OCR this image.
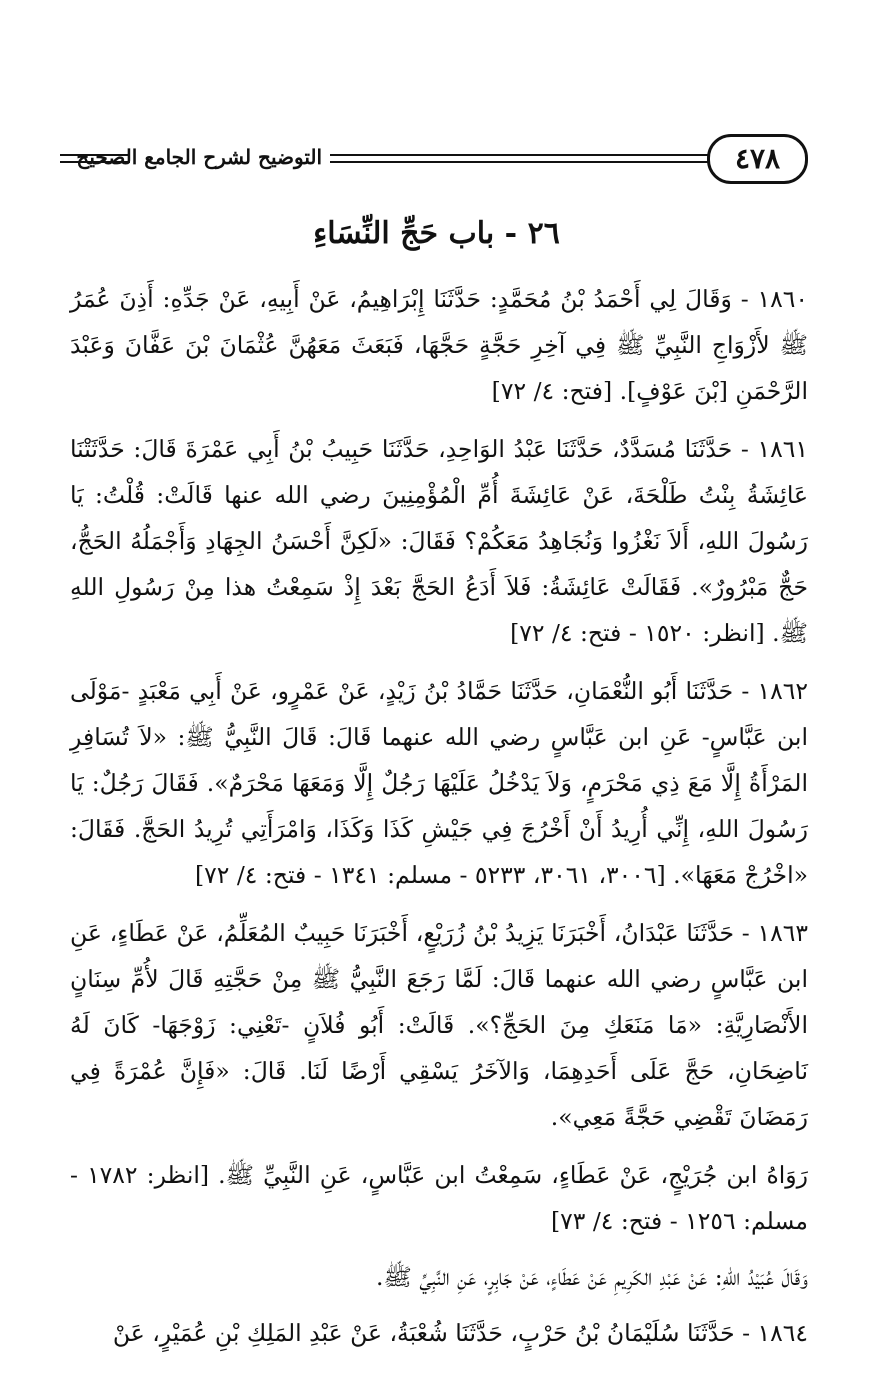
التوضيح لشرح الجامع الصحيح	٤٧٨
٢٦ - باب حَجِّ النِّسَاءِ

١٨٦٠ - وَقَالَ لِي أَحْمَدُ بْنُ مُحَمَّدٍ: حَدَّثَنَا إِبْرَاهِيمُ، عَنْ أَبِيهِ، عَنْ جَدِّهِ: أَذِنَ عُمَرُ ﷺ لأَزْوَاجِ النَّبِيِّ ﷺ فِي آخِرِ حَجَّةٍ حَجَّهَا، فَبَعَثَ مَعَهُنَّ عُثْمَانَ بْنَ عَفَّانَ وَعَبْدَ الرَّحْمَنِ [بْنَ عَوْفٍ]. [فتح: ٤/ ٧٢]

١٨٦١ - حَدَّثَنَا مُسَدَّدٌ، حَدَّثَنَا عَبْدُ الوَاحِدِ، حَدَّثَنَا حَبِيبُ بْنُ أَبِي عَمْرَةَ قَالَ: حَدَّثَتْنَا عَائِشَةُ بِنْتُ طَلْحَةَ، عَنْ عَائِشَةَ أُمِّ الْمُؤْمِنِينَ رضي الله عنها قَالَتْ: قُلْتُ: يَا رَسُولَ اللهِ، أَلاَ نَغْزُوا وَنُجَاهِدُ مَعَكُمْ؟ فَقَالَ: «لَكِنَّ أَحْسَنُ الجِهَادِ وَأَجْمَلُهُ الحَجُّ، حَجٌّ مَبْرُورٌ». فَقَالَتْ عَائِشَةُ: فَلاَ أَدَعُ الحَجَّ بَعْدَ إِذْ سَمِعْتُ هذا مِنْ رَسُولِ اللهِ ﷺ. [انظر: ١٥٢٠ - فتح: ٤/ ٧٢]

١٨٦٢ - حَدَّثَنَا أَبُو النُّعْمَانِ، حَدَّثَنَا حَمَّادُ بْنُ زَيْدٍ، عَنْ عَمْرٍو، عَنْ أَبِي مَعْبَدٍ -مَوْلَى ابن عَبَّاسٍ- عَنِ ابن عَبَّاسٍ رضي الله عنهما قَالَ: قَالَ النَّبِيُّ ﷺ: «لاَ تُسَافِرِ المَرْأَةُ إِلَّا مَعَ ذِي مَحْرَمٍ، وَلاَ يَدْخُلُ عَلَيْهَا رَجُلٌ إِلَّا وَمَعَهَا مَحْرَمٌ». فَقَالَ رَجُلٌ: يَا رَسُولَ اللهِ، إِنِّي أُرِيدُ أَنْ أَخْرُجَ فِي جَيْشِ كَذَا وَكَذَا، وَامْرَأَتِي تُرِيدُ الحَجَّ. فَقَالَ: «اخْرُجْ مَعَهَا». [٣٠٠٦، ٣٠٦١، ٥٢٣٣ - مسلم: ١٣٤١ - فتح: ٤/ ٧٢]

١٨٦٣ - حَدَّثَنَا عَبْدَانُ، أَخْبَرَنَا يَزِيدُ بْنُ زُرَيْعٍ، أَخْبَرَنَا حَبِيبٌ المُعَلِّمُ، عَنْ عَطَاءٍ، عَنِ ابن عَبَّاسٍ رضي الله عنهما قَالَ: لَمَّا رَجَعَ النَّبِيُّ ﷺ مِنْ حَجَّتِهِ قَالَ لأُمِّ سِنَانٍ الأَنْصَارِيَّةِ: «مَا مَنَعَكِ مِنَ الحَجِّ؟». قَالَتْ: أَبُو فُلاَنٍ -تَعْنِي: زَوْجَهَا- كَانَ لَهُ نَاضِحَانِ، حَجَّ عَلَى أَحَدِهِمَا، وَالآخَرُ يَسْقِي أَرْضًا لَنَا. قَالَ: «فَإِنَّ عُمْرَةً فِي رَمَضَانَ تَقْضِي حَجَّةً مَعِي».

رَوَاهُ ابن جُرَيْجٍ، عَنْ عَطَاءٍ، سَمِعْتُ ابن عَبَّاسٍ، عَنِ النَّبِيِّ ﷺ. [انظر: ١٧٨٢ - مسلم: ١٢٥٦ - فتح: ٤/ ٧٣]

وَقَالَ عُبَيْدُ اللهِ: عَنْ عَبْدِ الكَرِيمِ عَنْ عَطَاءٍ، عَنْ جَابِرٍ، عَنِ النَّبِيِّ ﷺ.

١٨٦٤ - حَدَّثَنَا سُلَيْمَانُ بْنُ حَرْبٍ، حَدَّثَنَا شُعْبَةُ، عَنْ عَبْدِ المَلِكِ بْنِ عُمَيْرٍ، عَنْ
